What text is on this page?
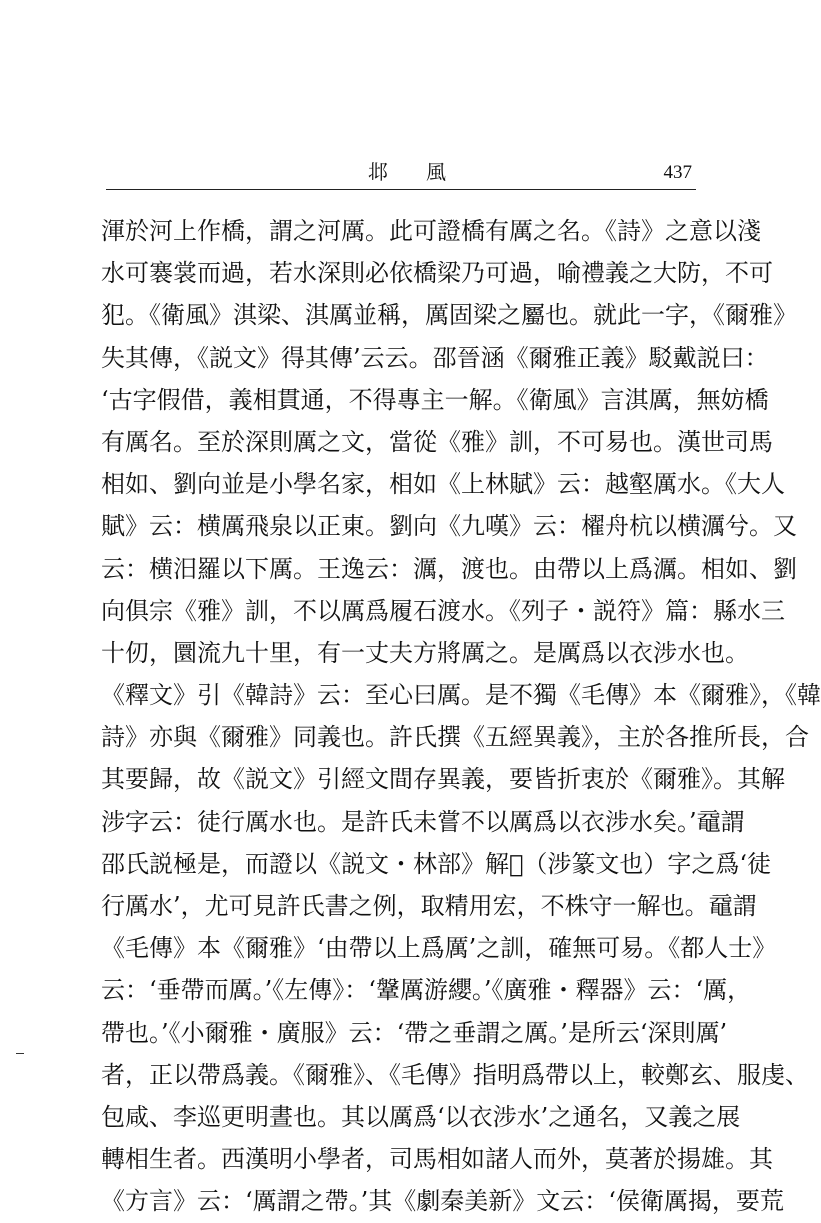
邶風	437
渾於河上作橋，謂之河厲。此可證橋有厲之名。《詩》之意以淺
水可褰裳而過，若水深則必依橋梁乃可過，喻禮義之大防，不可
犯。《衛風》淇梁、淇厲並稱，厲固梁之屬也。就此一字，《爾雅》
失其傳，《説文》得其傳’云云。邵晉涵《爾雅正義》駁戴説曰：
‘古字假借，義相貫通，不得專主一解。《衛風》言淇厲，無妨橋
有厲名。至於深則厲之文，當從《雅》訓，不可易也。漢世司馬
相如、劉向並是小學名家，相如《上林賦》云：越壑厲水。《大人
賦》云：横厲飛泉以正東。劉向《九嘆》云：櫂舟杭以横濿兮。又
云：横汨羅以下厲。王逸云：濿，渡也。由帶以上爲濿。相如、劉
向俱宗《雅》訓，不以厲爲履石渡水。《列子・説符》篇：縣水三
十仞，圜流九十里，有一丈夫方將厲之。是厲爲以衣涉水也。
《釋文》引《韓詩》云：至心曰厲。是不獨《毛傳》本《爾雅》，《韓
詩》亦與《爾雅》同義也。許氏撰《五經異義》，主於各推所長，合
其要歸，故《説文》引經文間存異義，要皆折衷於《爾雅》。其解
涉字云：徒行厲水也。是許氏未嘗不以厲爲以衣涉水矣。’黿謂
邵氏説極是，而證以《説文・林部》解𣴉（涉篆文也）字之爲‘徒
行厲水’，尤可見許氏書之例，取精用宏，不株守一解也。黿謂
《毛傳》本《爾雅》‘由帶以上爲厲’之訓，確無可易。《都人士》
云：‘垂帶而厲。’《左傳》：‘鞶厲游纓。’《廣雅・釋器》云：‘厲，
帶也。’《小爾雅・廣服》云：‘帶之垂謂之厲。’是所云‘深則厲’
者，正以帶爲義。《爾雅》、《毛傳》指明爲帶以上，較鄭玄、服虔、
包咸、李巡更明晝也。其以厲爲‘以衣涉水’之通名，又義之展
轉相生者。西漢明小學者，司馬相如諸人而外，莫著於揚雄。其
《方言》云：‘厲謂之帶。’其《劇秦美新》文云：‘侯衛厲揭，要荒
